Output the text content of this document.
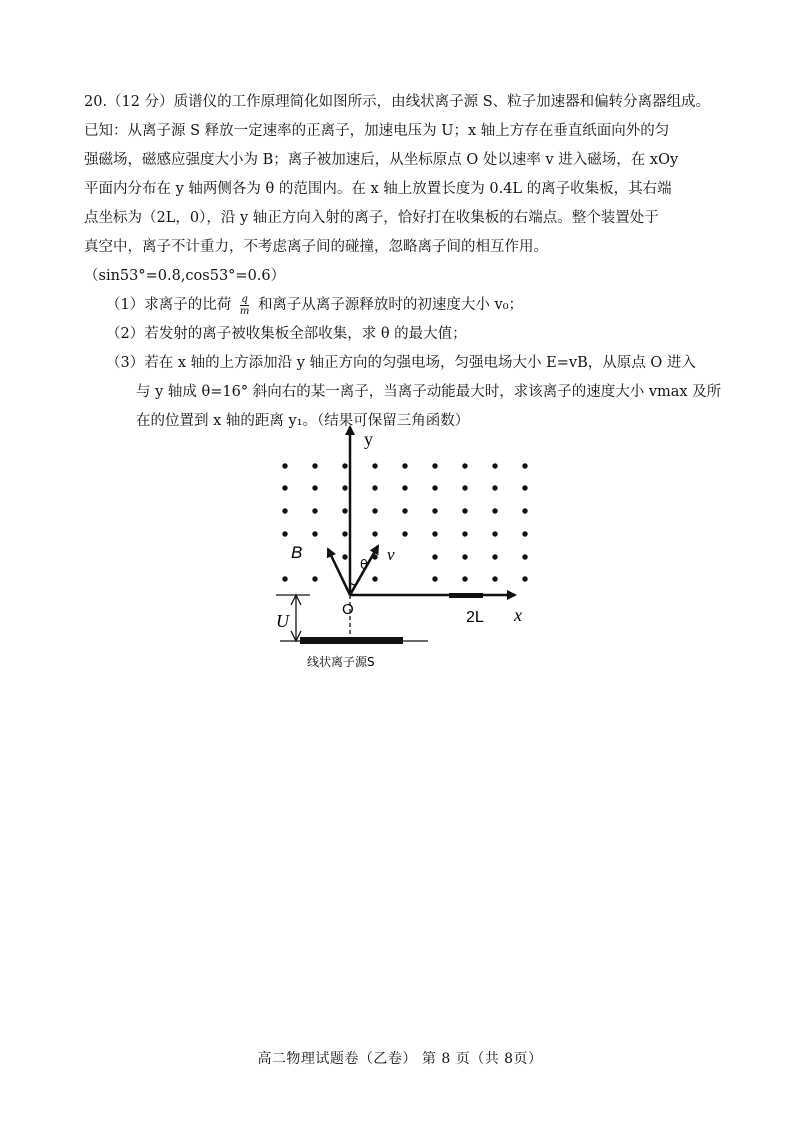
20.（12 分）质谱仪的工作原理简化如图所示，由线状离子源 S、粒子加速器和偏转分离器组成。
已知：从离子源 S 释放一定速率的正离子，加速电压为 U；x 轴上方存在垂直纸面向外的匀
强磁场，磁感应强度大小为 B；离子被加速后，从坐标原点 O 处以速率 v 进入磁场，在 xOy
平面内分布在 y 轴两侧各为 θ 的范围内。在 x 轴上放置长度为 0.4L 的离子收集板，其右端
点坐标为（2L，0），沿 y 轴正方向入射的离子，恰好打在收集板的右端点。整个装置处于
真空中，离子不计重力，不考虑离子间的碰撞，忽略离子间的相互作用。
（sin53°=0.8,cos53°=0.6）
（1）求离子的比荷 $\frac{q}{m}$ 和离子从离子源释放时的初速度大小 v₀；
（2）若发射的离子被收集板全部收集，求 θ 的最大值；
（3）若在 x 轴的上方添加沿 y 轴正方向的匀强电场，匀强电场大小 E=vB，从原点 O 进入
与 y 轴成 θ=16° 斜向右的某一离子，当离子动能最大时，求该离子的速度大小 vmax 及所
在的位置到 x 轴的距离 y₁。（结果可保留三角函数）
y
x
O
B	v
θ
2L
U
线状离子源S
高二物理试题卷（乙卷） 第 8 页（共 8页）
